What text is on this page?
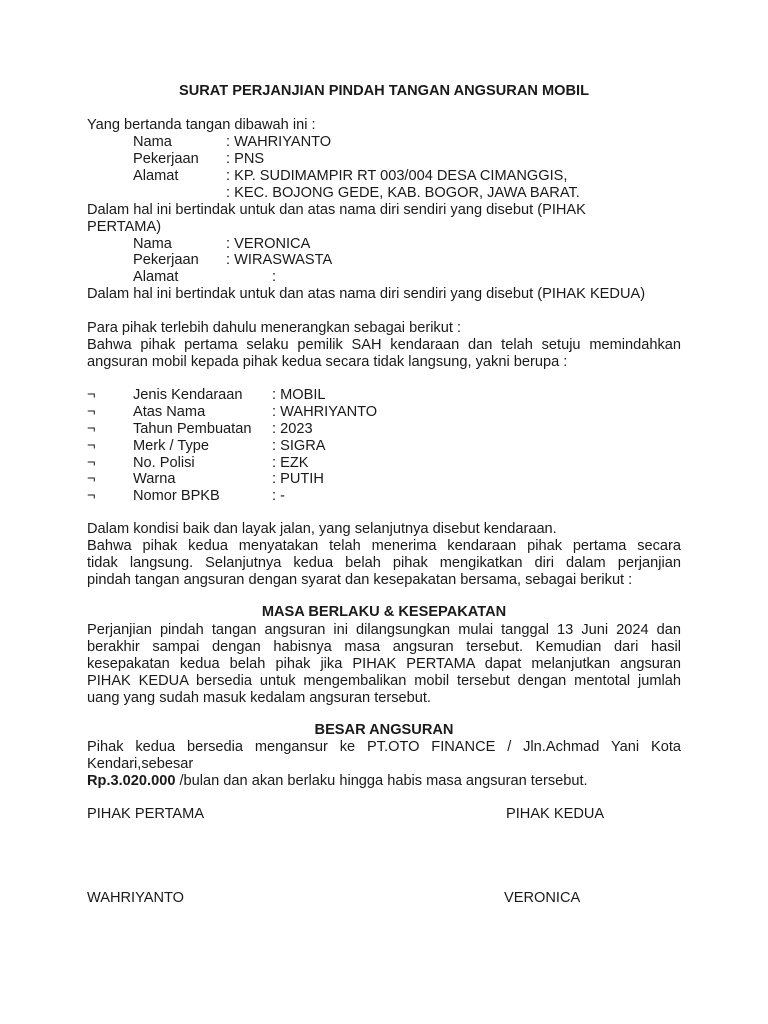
SURAT PERJANJIAN PINDAH TANGAN ANGSURAN MOBIL
Yang bertanda tangan dibawah ini :
Nama	: WAHRIYANTO
Pekerjaan : PNS
Alamat	: KP. SUDIMAMPIR RT 003/004 DESA CIMANGGIS,
: KEC. BOJONG GEDE, KAB. BOGOR, JAWA BARAT.
Dalam hal ini bertindak untuk dan atas nama diri sendiri yang disebut (PIHAK
PERTAMA)
Nama	: VERONICA
Pekerjaan : WIRASWASTA
Alamat	:
Dalam hal ini bertindak untuk dan atas nama diri sendiri yang disebut (PIHAK KEDUA)
Para pihak terlebih dahulu menerangkan sebagai berikut :
Bahwa pihak pertama selaku pemilik SAH kendaraan dan telah setuju memindahkan
angsuran mobil kepada pihak kedua secara tidak langsung, yakni berupa :
¬	Jenis Kendaraan : MOBIL
¬	Atas Nama	: WAHRIYANTO
¬	Tahun Pembuatan : 2023
¬	Merk / Type	: SIGRA
¬	No. Polisi	: EZK
¬	Warna	: PUTIH
¬	Nomor BPKB	: -
Dalam kondisi baik dan layak jalan, yang selanjutnya disebut kendaraan.
Bahwa pihak kedua menyatakan telah menerima kendaraan pihak pertama secara
tidak langsung. Selanjutnya kedua belah pihak mengikatkan diri dalam perjanjian
pindah tangan angsuran dengan syarat dan kesepakatan bersama, sebagai berikut :
MASA BERLAKU & KESEPAKATAN
Perjanjian pindah tangan angsuran ini dilangsungkan mulai tanggal 13 Juni 2024 dan
berakhir sampai dengan habisnya masa angsuran tersebut. Kemudian dari hasil
kesepakatan kedua belah pihak jika PIHAK PERTAMA dapat melanjutkan angsuran
PIHAK KEDUA bersedia untuk mengembalikan mobil tersebut dengan mentotal jumlah
uang yang sudah masuk kedalam angsuran tersebut.
BESAR ANGSURAN
Pihak kedua bersedia mengansur ke PT.OTO FINANCE / Jln.Achmad Yani Kota
Kendari,sebesar
Rp.3.020.000 /bulan dan akan berlaku hingga habis masa angsuran tersebut.
PIHAK PERTAMA	PIHAK KEDUA
WAHRIYANTO	VERONICA
